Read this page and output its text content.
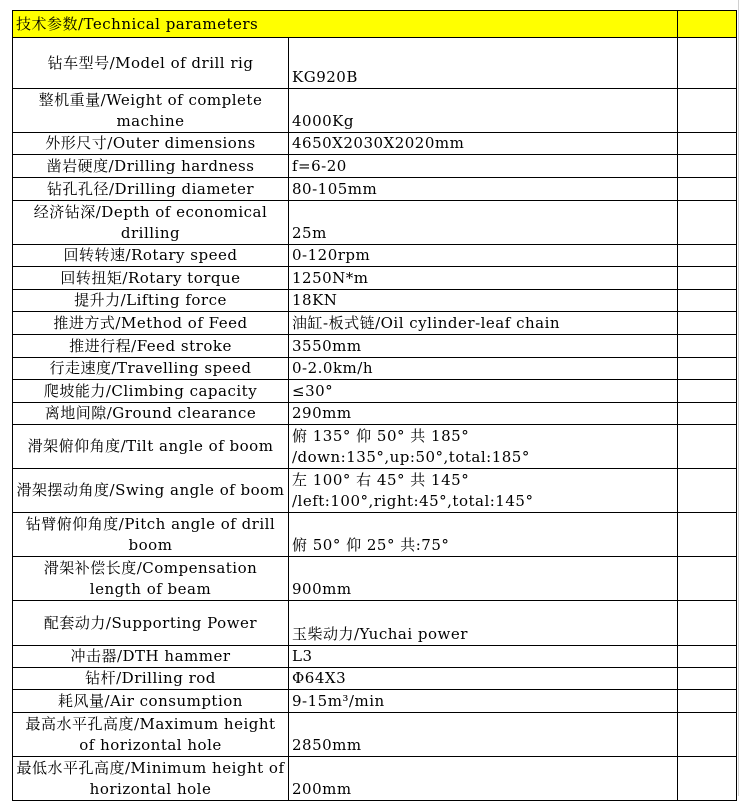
技术参数/Technical parameters		
钻车型号/Model of drill rig	KG920B	
整机重量/Weight of complete machine	4000Kg	
外形尺寸/Outer dimensions	4650X2030X2020mm	
凿岩硬度/Drilling hardness	f=6-20	
钻孔孔径/Drilling diameter	80-105mm	
经济钻深/Depth of economical drilling	25m	
回转转速/Rotary speed	0-120rpm	
回转扭矩/Rotary torque	1250N*m	
提升力/Lifting force	18KN	
推进方式/Method of Feed	油缸-板式链/Oil cylinder-leaf chain	
推进行程/Feed stroke	3550mm	
行走速度/Travelling speed	0-2.0km/h	
爬坡能力/Climbing capacity	≤30°	
离地间隙/Ground clearance	290mm	
滑架俯仰角度/Tilt angle of boom	俯 135° 仰 50° 共 185° /down:135°,up:50°,total:185°	
滑架摆动角度/Swing angle of boom	左 100° 右 45° 共 145° /left:100°,right:45°,total:145°	
钻臂俯仰角度/Pitch angle of drill boom	俯 50° 仰 25° 共:75°	
滑架补偿长度/Compensation length of beam	900mm	
配套动力/Supporting Power	玉柴动力/Yuchai power	
冲击器/DTH hammer	L3	
钻杆/Drilling rod	Φ64X3	
耗风量/Air consumption	9-15m³/min	
最高水平孔高度/Maximum height of horizontal hole	2850mm	
最低水平孔高度/Minimum height of horizontal hole	200mm	
